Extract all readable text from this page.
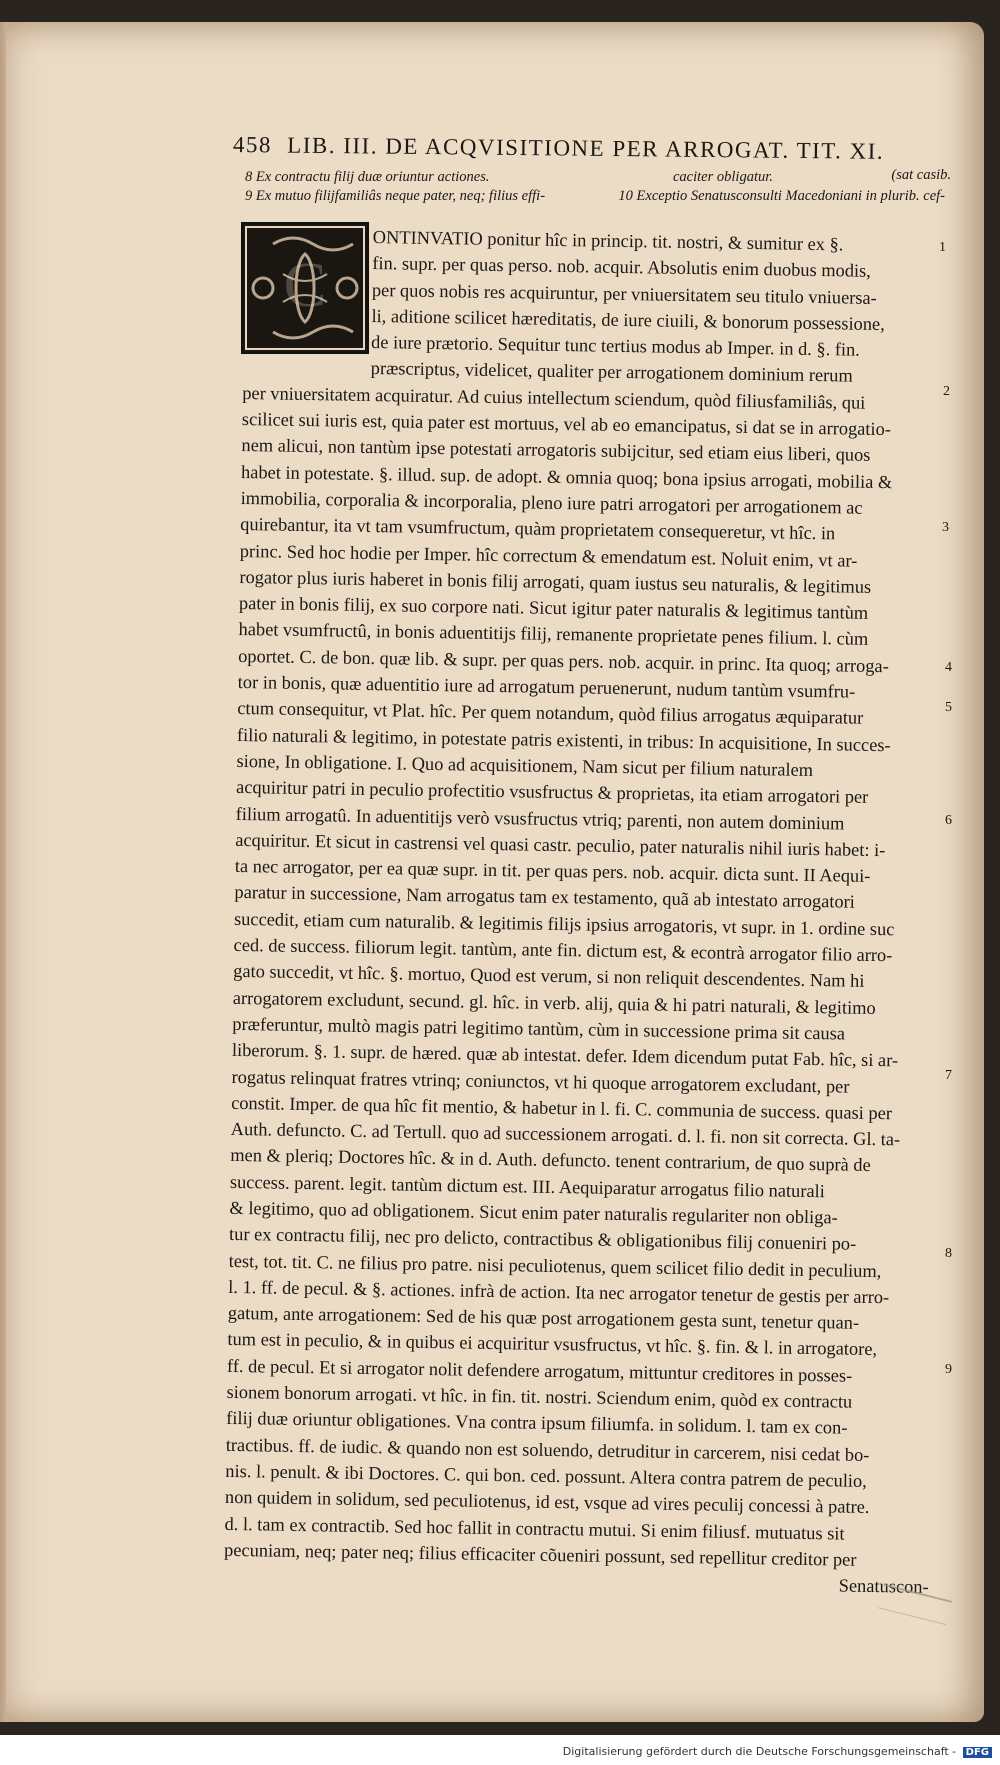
458 LIB. III. DE ACQVISITIONE PER ARROGAT. TIT. XI.
8 Ex contractu filij duæ oriuntur actiones.	caciter obligatur.
9 Ex mutuo filijfamiliâs neque pater, neq; filius effi-	10 Exceptio Senatusconsulti Macedoniani in plurib. cef-
(sat casib.
C
ONTINVATIO ponitur hîc in princip. tit. nostri, & sumitur ex §.
fin. supr. per quas perso. nob. acquir. Absolutis enim duobus modis,
per quos nobis res acquiruntur, per vniuersitatem seu titulo vniuersa-
li, aditione scilicet hæreditatis, de iure ciuili, & bonorum possessione,
de iure prætorio. Sequitur tunc tertius modus ab Imper. in d. §. fin.
præscriptus, videlicet, qualiter per arrogationem dominium rerum
per vniuersitatem acquiratur. Ad cuius intellectum sciendum, quòd filiusfamiliâs, qui
scilicet sui iuris est, quia pater est mortuus, vel ab eo emancipatus, si dat se in arrogatio-
nem alicui, non tantùm ipse potestati arrogatoris subijcitur, sed etiam eius liberi, quos
habet in potestate. §. illud. sup. de adopt. & omnia quoq; bona ipsius arrogati, mobilia &
immobilia, corporalia & incorporalia, pleno iure patri arrogatori per arrogationem ac
quirebantur, ita vt tam vsumfructum, quàm proprietatem consequeretur, vt hîc. in
princ. Sed hoc hodie per Imper. hîc correctum & emendatum est. Noluit enim, vt ar-
rogator plus iuris haberet in bonis filij arrogati, quam iustus seu naturalis, & legitimus
pater in bonis filij, ex suo corpore nati. Sicut igitur pater naturalis & legitimus tantùm
habet vsumfructû, in bonis aduentitijs filij, remanente proprietate penes filium. l. cùm
oportet. C. de bon. quæ lib. & supr. per quas pers. nob. acquir. in princ. Ita quoq; arroga-
tor in bonis, quæ aduentitio iure ad arrogatum peruenerunt, nudum tantùm vsumfru-
ctum consequitur, vt Plat. hîc. Per quem notandum, quòd filius arrogatus æquiparatur
filio naturali & legitimo, in potestate patris existenti, in tribus: In acquisitione, In succes-
sione, In obligatione. I. Quo ad acquisitionem, Nam sicut per filium naturalem
acquiritur patri in peculio profectitio vsusfructus & proprietas, ita etiam arrogatori per
filium arrogatû. In aduentitijs verò vsusfructus vtriq; parenti, non autem dominium
acquiritur. Et sicut in castrensi vel quasi castr. peculio, pater naturalis nihil iuris habet: i-
ta nec arrogator, per ea quæ supr. in tit. per quas pers. nob. acquir. dicta sunt. II Aequi-
paratur in successione, Nam arrogatus tam ex testamento, quã ab intestato arrogatori
succedit, etiam cum naturalib. & legitimis filijs ipsius arrogatoris, vt supr. in 1. ordine suc
ced. de success. filiorum legit. tantùm, ante fin. dictum est, & econtrà arrogator filio arro-
gato succedit, vt hîc. §. mortuo, Quod est verum, si non reliquit descendentes. Nam hi
arrogatorem excludunt, secund. gl. hîc. in verb. alij, quia & hi patri naturali, & legitimo
præferuntur, multò magis patri legitimo tantùm, cùm in successione prima sit causa
liberorum. §. 1. supr. de hæred. quæ ab intestat. defer. Idem dicendum putat Fab. hîc, si ar-
rogatus relinquat fratres vtrinq; coniunctos, vt hi quoque arrogatorem excludant, per
constit. Imper. de qua hîc fit mentio, & habetur in l. fi. C. communia de success. quasi per
Auth. defuncto. C. ad Tertull. quo ad successionem arrogati. d. l. fi. non sit correcta. Gl. ta-
men & pleriq; Doctores hîc. & in d. Auth. defuncto. tenent contrarium, de quo suprà de
success. parent. legit. tantùm dictum est. III. Aequiparatur arrogatus filio naturali
& legitimo, quo ad obligationem. Sicut enim pater naturalis regulariter non obliga-
tur ex contractu filij, nec pro delicto, contractibus & obligationibus filij conueniri po-
test, tot. tit. C. ne filius pro patre. nisi peculiotenus, quem scilicet filio dedit in peculium,
l. 1. ff. de pecul. & §. actiones. infrà de action. Ita nec arrogator tenetur de gestis per arro-
gatum, ante arrogationem: Sed de his quæ post arrogationem gesta sunt, tenetur quan-
tum est in peculio, & in quibus ei acquiritur vsusfructus, vt hîc. §. fin. & l. in arrogatore,
ff. de pecul. Et si arrogator nolit defendere arrogatum, mittuntur creditores in posses-
sionem bonorum arrogati. vt hîc. in fin. tit. nostri. Sciendum enim, quòd ex contractu
filij duæ oriuntur obligationes. Vna contra ipsum filiumfa. in solidum. l. tam ex con-
tractibus. ff. de iudic. & quando non est soluendo, detruditur in carcerem, nisi cedat bo-
nis. l. penult. & ibi Doctores. C. qui bon. ced. possunt. Altera contra patrem de peculio,
non quidem in solidum, sed peculiotenus, id est, vsque ad vires peculij concessi à patre.
d. l. tam ex contractib. Sed hoc fallit in contractu mutui. Si enim filiusf. mutuatus sit
pecuniam, neq; pater neq; filius efficaciter cõueniri possunt, sed repellitur creditor per
Senatuscon-
1
2
3
4
5
6
7
8
9
Digitalisierung gefördert durch die Deutsche Forschungsgemeinschaft - DFG
